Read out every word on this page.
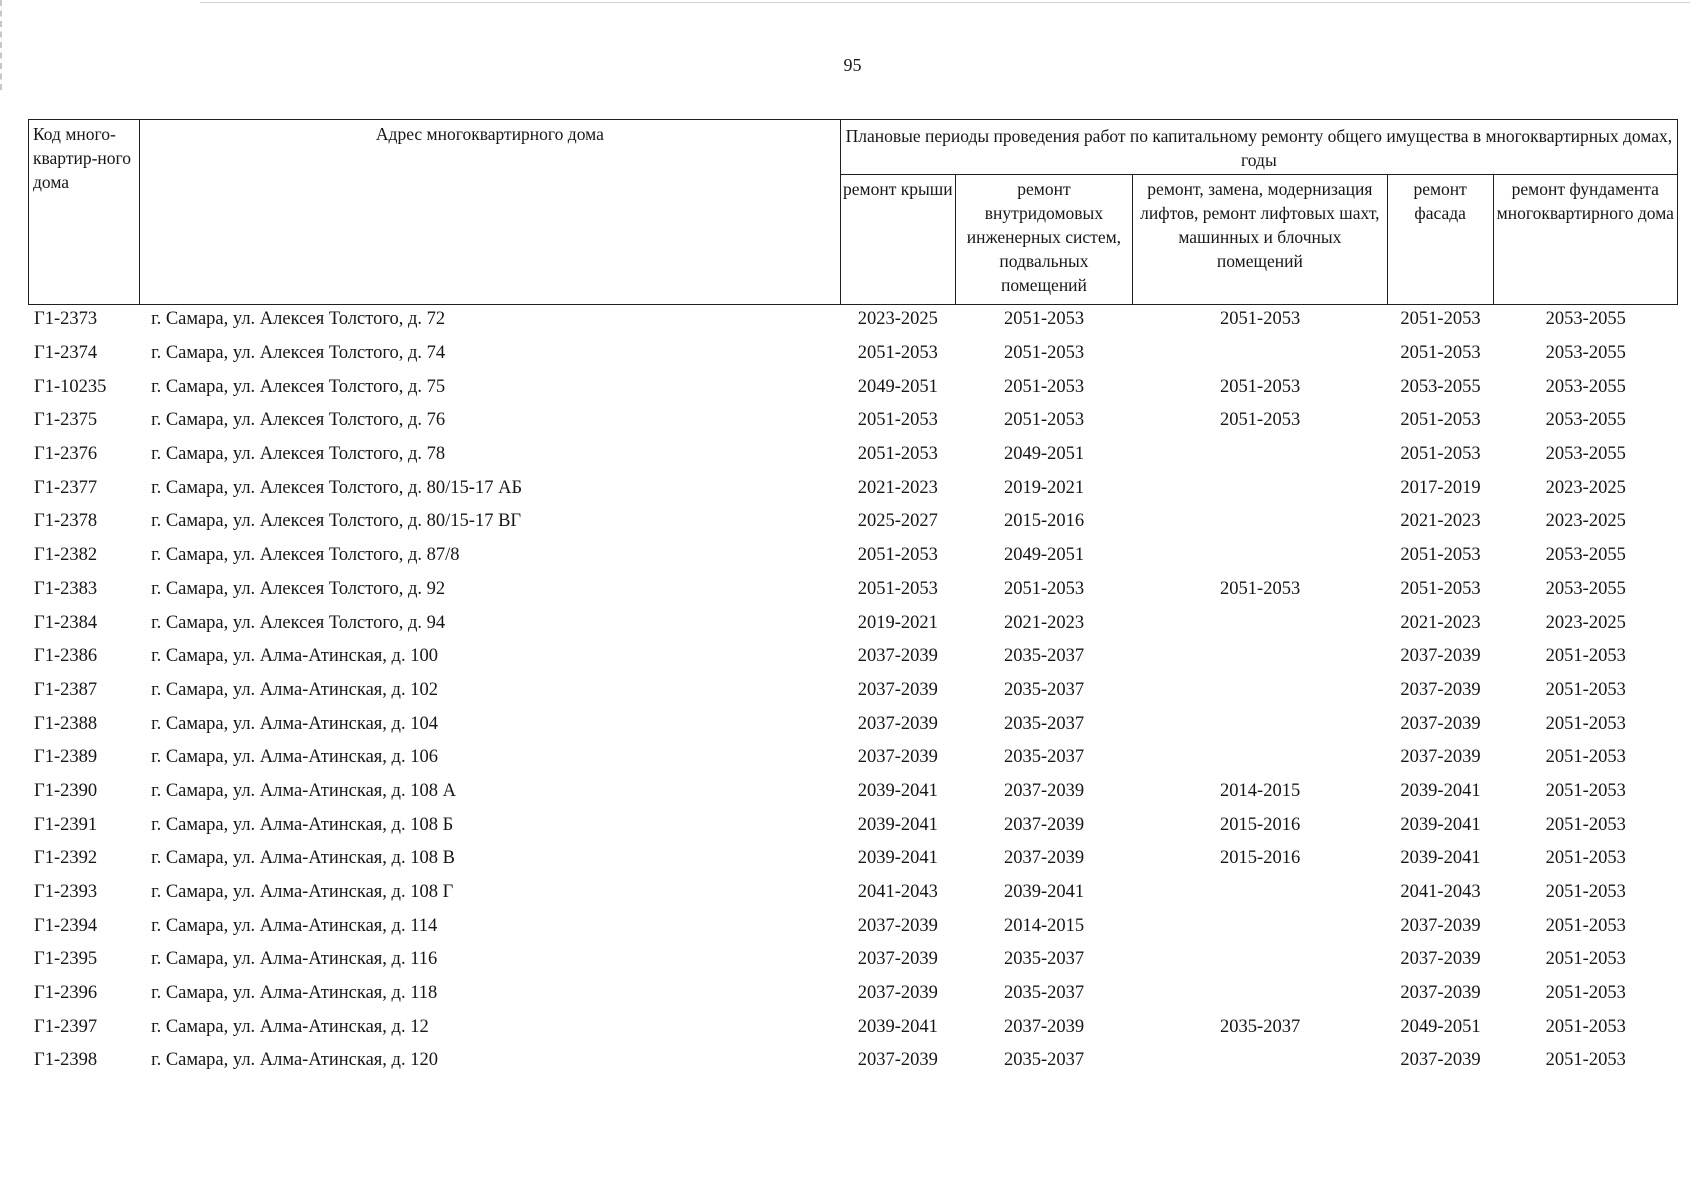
95
Код много-квартир-ного дома	Адрес многоквартирного дома	Плановые периоды проведения работ по капитальному ремонту общего имущества в многоквартирных домах, годы				
		ремонт крыши	ремонт внутридомовых инженерных систем, подвальных помещений	ремонт, замена, модернизация лифтов, ремонт лифтовых шахт, машинных и блочных помещений	ремонт фасада	ремонт фундамента многоквартирного дома
Г1-2373	г. Самара, ул. Алексея Толстого, д. 72	2023-2025	2051-2053	2051-2053	2051-2053	2053-2055
Г1-2374	г. Самара, ул. Алексея Толстого, д. 74	2051-2053	2051-2053		2051-2053	2053-2055
Г1-10235	г. Самара, ул. Алексея Толстого, д. 75	2049-2051	2051-2053	2051-2053	2053-2055	2053-2055
Г1-2375	г. Самара, ул. Алексея Толстого, д. 76	2051-2053	2051-2053	2051-2053	2051-2053	2053-2055
Г1-2376	г. Самара, ул. Алексея Толстого, д. 78	2051-2053	2049-2051		2051-2053	2053-2055
Г1-2377	г. Самара, ул. Алексея Толстого, д. 80/15-17 АБ	2021-2023	2019-2021		2017-2019	2023-2025
Г1-2378	г. Самара, ул. Алексея Толстого, д. 80/15-17 ВГ	2025-2027	2015-2016		2021-2023	2023-2025
Г1-2382	г. Самара, ул. Алексея Толстого, д. 87/8	2051-2053	2049-2051		2051-2053	2053-2055
Г1-2383	г. Самара, ул. Алексея Толстого, д. 92	2051-2053	2051-2053	2051-2053	2051-2053	2053-2055
Г1-2384	г. Самара, ул. Алексея Толстого, д. 94	2019-2021	2021-2023		2021-2023	2023-2025
Г1-2386	г. Самара, ул. Алма-Атинская, д. 100	2037-2039	2035-2037		2037-2039	2051-2053
Г1-2387	г. Самара, ул. Алма-Атинская, д. 102	2037-2039	2035-2037		2037-2039	2051-2053
Г1-2388	г. Самара, ул. Алма-Атинская, д. 104	2037-2039	2035-2037		2037-2039	2051-2053
Г1-2389	г. Самара, ул. Алма-Атинская, д. 106	2037-2039	2035-2037		2037-2039	2051-2053
Г1-2390	г. Самара, ул. Алма-Атинская, д. 108 А	2039-2041	2037-2039	2014-2015	2039-2041	2051-2053
Г1-2391	г. Самара, ул. Алма-Атинская, д. 108 Б	2039-2041	2037-2039	2015-2016	2039-2041	2051-2053
Г1-2392	г. Самара, ул. Алма-Атинская, д. 108 В	2039-2041	2037-2039	2015-2016	2039-2041	2051-2053
Г1-2393	г. Самара, ул. Алма-Атинская, д. 108 Г	2041-2043	2039-2041		2041-2043	2051-2053
Г1-2394	г. Самара, ул. Алма-Атинская, д. 114	2037-2039	2014-2015		2037-2039	2051-2053
Г1-2395	г. Самара, ул. Алма-Атинская, д. 116	2037-2039	2035-2037		2037-2039	2051-2053
Г1-2396	г. Самара, ул. Алма-Атинская, д. 118	2037-2039	2035-2037		2037-2039	2051-2053
Г1-2397	г. Самара, ул. Алма-Атинская, д. 12	2039-2041	2037-2039	2035-2037	2049-2051	2051-2053
Г1-2398	г. Самара, ул. Алма-Атинская, д. 120	2037-2039	2035-2037		2037-2039	2051-2053
